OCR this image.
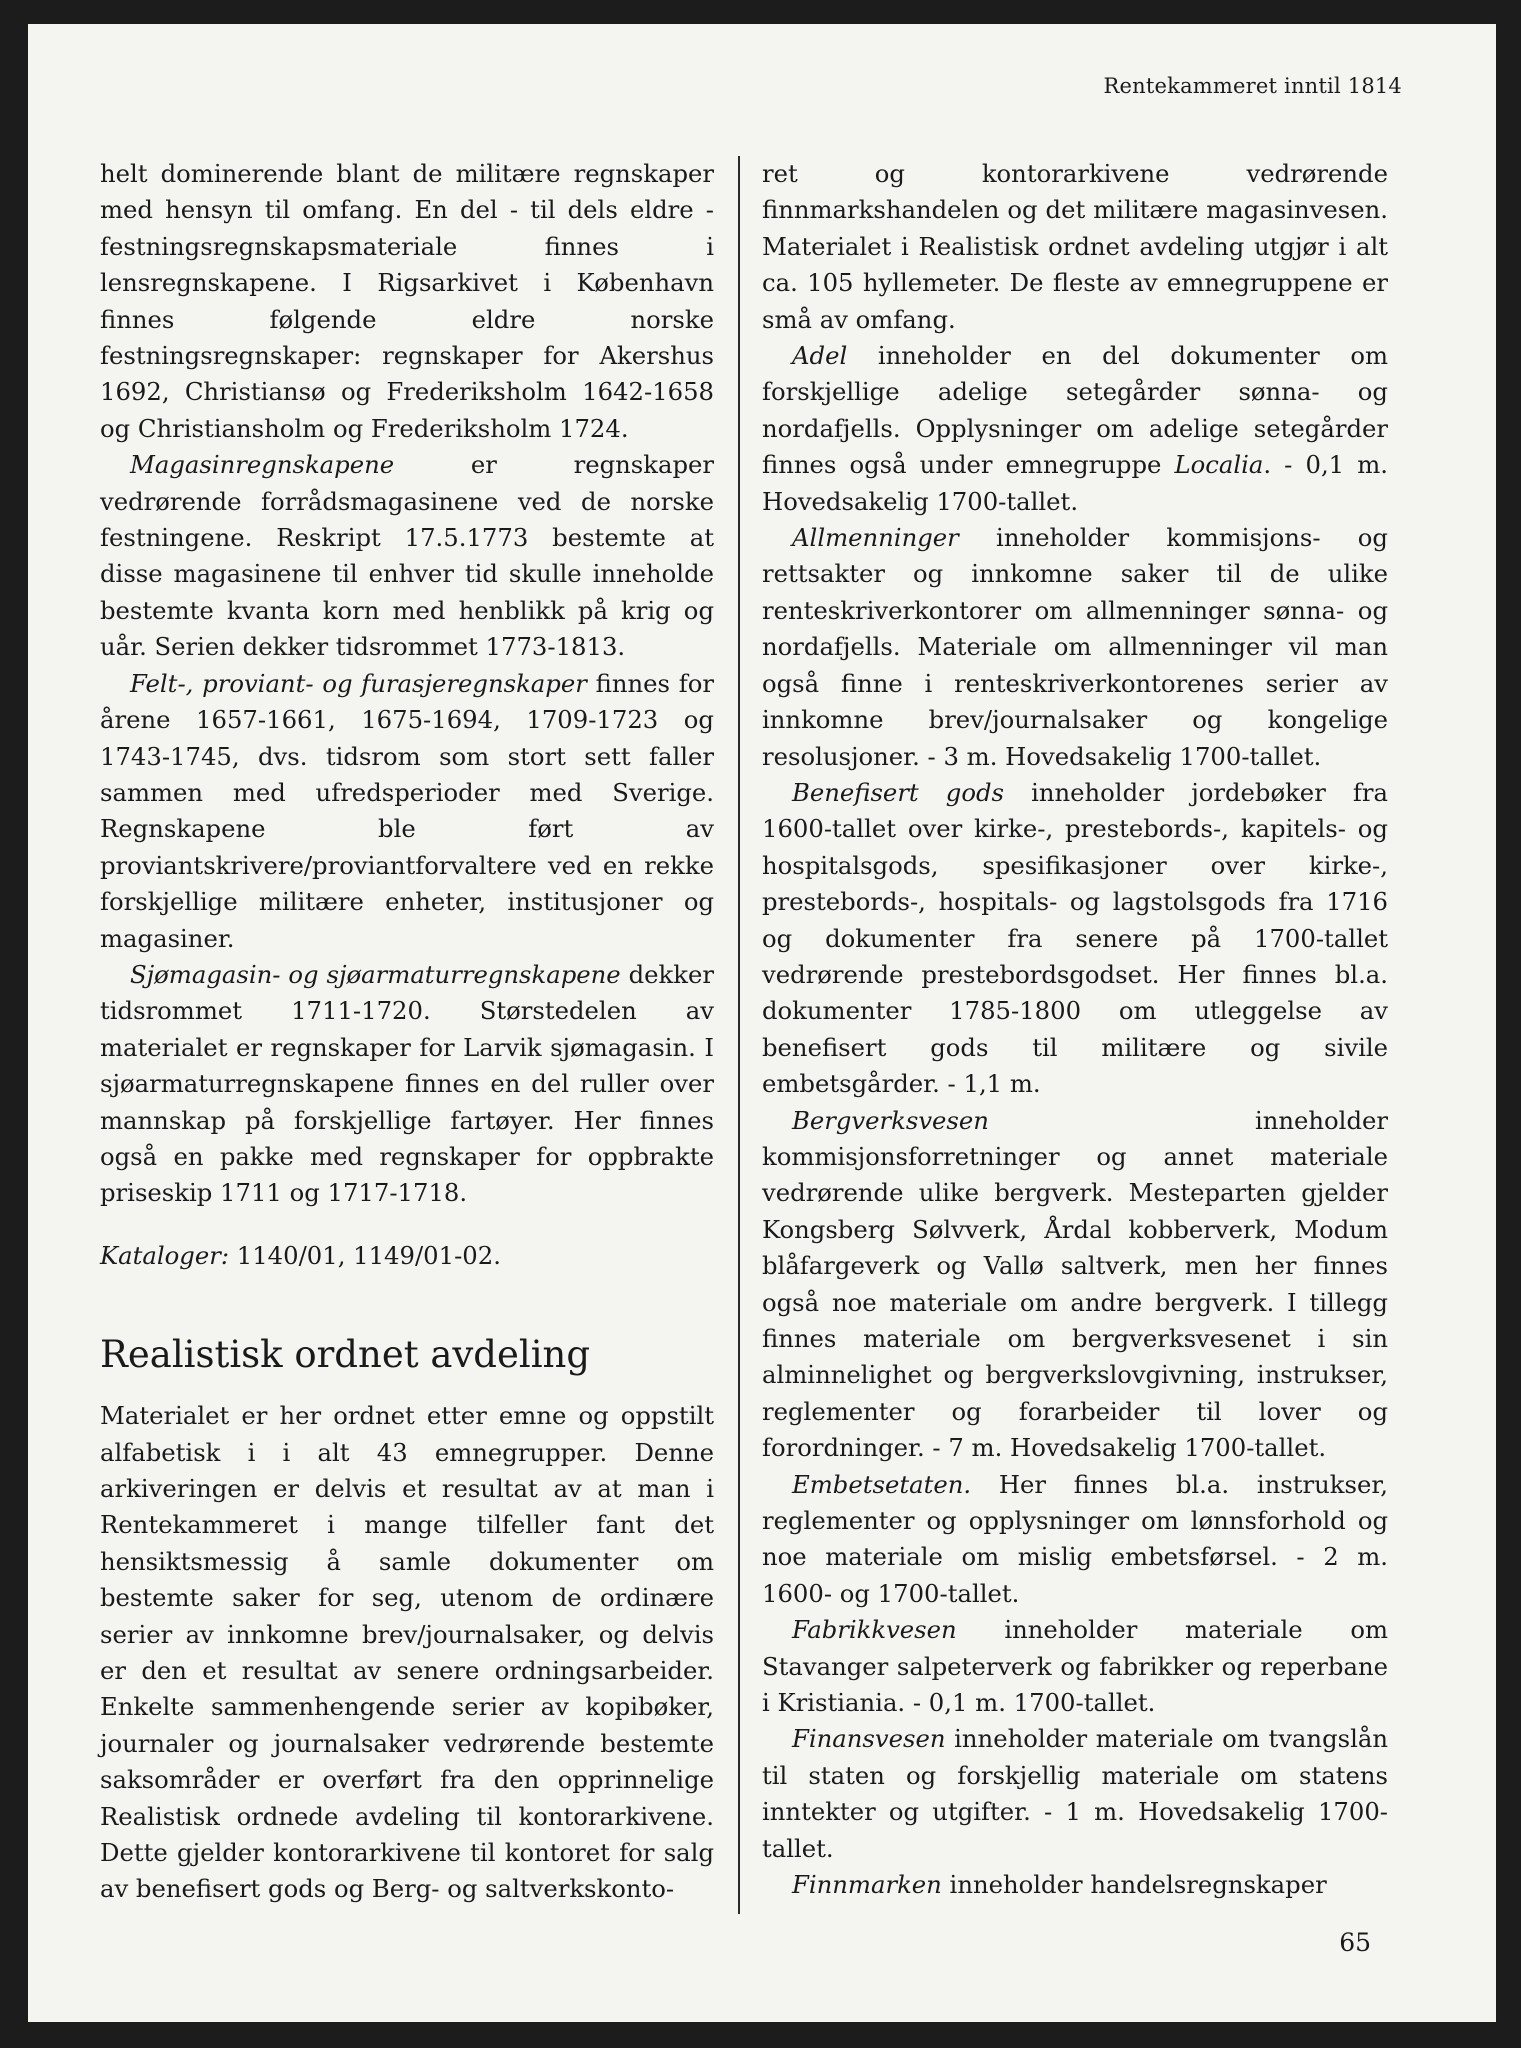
Rentekammeret inntil 1814

helt dominerende blant de militære regnskaper med hensyn til omfang. En del - til dels eldre - festningsregnskapsmateriale finnes i lensregnskapene. I Rigsarkivet i København finnes følgende eldre norske festningsregnskaper: regnskaper for Akershus 1692, Christiansø og Frederiksholm 1642-1658 og Christiansholm og Frederiksholm 1724.

Magasinregnskapene er regnskaper vedrørende forrådsmagasinene ved de norske festningene. Reskript 17.5.1773 bestemte at disse magasinene til enhver tid skulle inneholde bestemte kvanta korn med henblikk på krig og uår. Serien dekker tidsrommet 1773-1813.

Felt-, proviant- og furasjeregnskaper finnes for årene 1657-1661, 1675-1694, 1709-1723 og 1743-1745, dvs. tidsrom som stort sett faller sammen med ufredsperioder med Sverige. Regnskapene ble ført av proviantskrivere/proviantforvaltere ved en rekke forskjellige militære enheter, institusjoner og magasiner.

Sjømagasin- og sjøarmaturregnskapene dekker tidsrommet 1711-1720. Størstedelen av materialet er regnskaper for Larvik sjømagasin. I sjøarmaturregnskapene finnes en del ruller over mannskap på forskjellige fartøyer. Her finnes også en pakke med regnskaper for oppbrakte priseskip 1711 og 1717-1718.

Kataloger: 1140/01, 1149/01-02.

Realistisk ordnet avdeling

Materialet er her ordnet etter emne og oppstilt alfabetisk i i alt 43 emnegrupper. Denne arkiveringen er delvis et resultat av at man i Rentekammeret i mange tilfeller fant det hensiktsmessig å samle dokumenter om bestemte saker for seg, utenom de ordinære serier av innkomne brev/journalsaker, og delvis er den et resultat av senere ordningsarbeider. Enkelte sammenhengende serier av kopibøker, journaler og journalsaker vedrørende bestemte saksområder er overført fra den opprinnelige Realistisk ordnede avdeling til kontorarkivene. Dette gjelder kontorarkivene til kontoret for salg av benefisert gods og Berg- og saltverkskonto-

ret og kontorarkivene vedrørende finnmarkshandelen og det militære magasinvesen. Materialet i Realistisk ordnet avdeling utgjør i alt ca. 105 hyllemeter. De fleste av emnegruppene er små av omfang.

Adel inneholder en del dokumenter om forskjellige adelige setegårder sønna- og nordafjells. Opplysninger om adelige setegårder finnes også under emnegruppe Localia. - 0,1 m. Hovedsakelig 1700-tallet.

Allmenninger inneholder kommisjons- og rettsakter og innkomne saker til de ulike renteskriverkontorer om allmenninger sønna- og nordafjells. Materiale om allmenninger vil man også finne i renteskriverkontorenes serier av innkomne brev/journalsaker og kongelige resolusjoner. - 3 m. Hovedsakelig 1700-tallet.

Benefisert gods inneholder jordebøker fra 1600-tallet over kirke-, prestebords-, kapitels- og hospitalsgods, spesifikasjoner over kirke-, prestebords-, hospitals- og lagstolsgods fra 1716 og dokumenter fra senere på 1700-tallet vedrørende prestebordsgodset. Her finnes bl.a. dokumenter 1785-1800 om utleggelse av benefisert gods til militære og sivile embetsgårder. - 1,1 m.

Bergverksvesen inneholder kommisjonsforretninger og annet materiale vedrørende ulike bergverk. Mesteparten gjelder Kongsberg Sølvverk, Årdal kobberverk, Modum blåfargeverk og Vallø saltverk, men her finnes også noe materiale om andre bergverk. I tillegg finnes materiale om bergverksvesenet i sin alminnelighet og bergverkslovgivning, instrukser, reglementer og forarbeider til lover og forordninger. - 7 m. Hovedsakelig 1700-tallet.

Embetsetaten. Her finnes bl.a. instrukser, reglementer og opplysninger om lønnsforhold og noe materiale om mislig embetsførsel. - 2 m. 1600- og 1700-tallet.

Fabrikkvesen inneholder materiale om Stavanger salpeterverk og fabrikker og reperbane i Kristiania. - 0,1 m. 1700-tallet.

Finansvesen inneholder materiale om tvangslån til staten og forskjellig materiale om statens inntekter og utgifter. - 1 m. Hovedsakelig 1700-tallet.

Finnmarken inneholder handelsregnskaper

65
